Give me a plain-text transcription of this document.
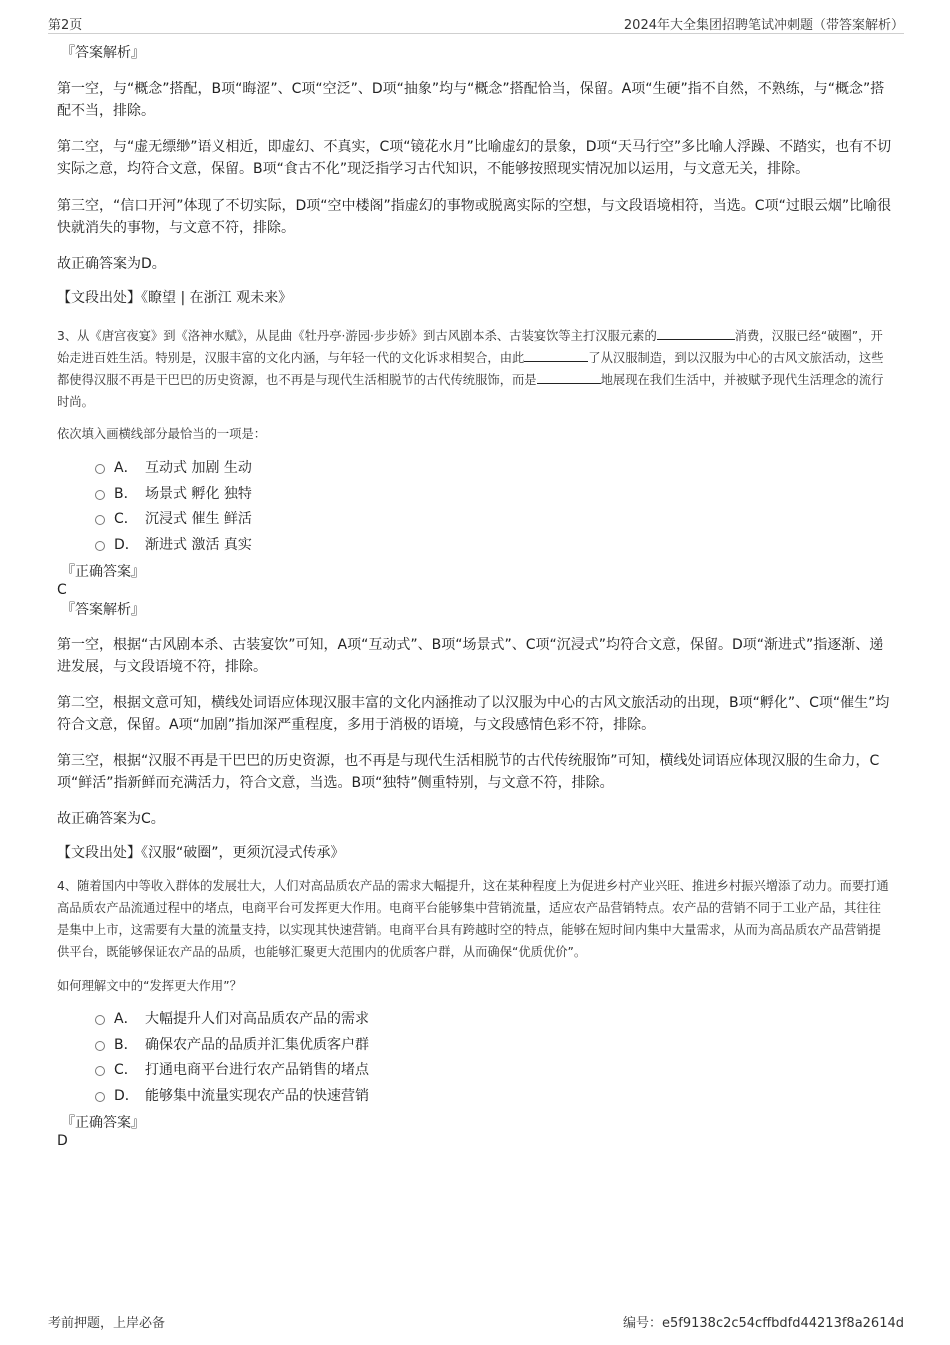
第2页	2024年大全集团招聘笔试冲刺题（带答案解析）
『答案解析』

第一空，与“概念”搭配，B项“晦涩”、C项“空泛”、D项“抽象”均与“概念”搭配恰当，保留。A项“生硬”指不自然，不熟练，与“概念”搭配不当，排除。

第二空，与“虚无缥缈”语义相近，即虚幻、不真实，C项“镜花水月”比喻虚幻的景象，D项“天马行空”多比喻人浮躁、不踏实，也有不切实际之意，均符合文意，保留。B项“食古不化”现泛指学习古代知识，不能够按照现实情况加以运用，与文意无关，排除。

第三空，“信口开河”体现了不切实际，D项“空中楼阁”指虚幻的事物或脱离实际的空想，与文段语境相符，当选。C项“过眼云烟”比喻很快就消失的事物，与文意不符，排除。

故正确答案为D。

【文段出处】《瞭望 | 在浙江 观未来》

3、从《唐宫夜宴》到《洛神水赋》，从昆曲《牡丹亭·游园·步步娇》到古风剧本杀、古装宴饮等主打汉服元素的	消费，汉服已经“破圈”，开始走进百姓生活。特别是，汉服丰富的文化内涵，与年轻一代的文化诉求相契合，由此	了从汉服制造，到以汉服为中心的古风文旅活动，这些都使得汉服不再是干巴巴的历史资源，也不再是与现代生活相脱节的古代传统服饰，而是	地展现在我们生活中，并被赋予现代生活理念的流行时尚。

依次填入画横线部分最恰当的一项是：

A． 互动式 加剧 生动
B． 场景式 孵化 独特
C． 沉浸式 催生 鲜活
D． 渐进式 激活 真实
『正确答案』
C
『答案解析』

第一空，根据“古风剧本杀、古装宴饮”可知，A项“互动式”、B项“场景式”、C项“沉浸式”均符合文意，保留。D项“渐进式”指逐渐、递进发展，与文段语境不符，排除。

第二空，根据文意可知，横线处词语应体现汉服丰富的文化内涵推动了以汉服为中心的古风文旅活动的出现，B项“孵化”、C项“催生”均符合文意，保留。A项“加剧”指加深严重程度，多用于消极的语境，与文段感情色彩不符，排除。

第三空，根据“汉服不再是干巴巴的历史资源，也不再是与现代生活相脱节的古代传统服饰”可知，横线处词语应体现汉服的生命力，C项“鲜活”指新鲜而充满活力，符合文意，当选。B项“独特”侧重特别，与文意不符，排除。

故正确答案为C。

【文段出处】《汉服“破圈”，更须沉浸式传承》

4、随着国内中等收入群体的发展壮大，人们对高品质农产品的需求大幅提升，这在某种程度上为促进乡村产业兴旺、推进乡村振兴增添了动力。而要打通高品质农产品流通过程中的堵点，电商平台可发挥更大作用。电商平台能够集中营销流量，适应农产品营销特点。农产品的营销不同于工业产品，其往往是集中上市，这需要有大量的流量支持，以实现其快速营销。电商平台具有跨越时空的特点，能够在短时间内集中大量需求，从而为高品质农产品营销提供平台，既能够保证农产品的品质，也能够汇聚更大范围内的优质客户群，从而确保“优质优价”。

如何理解文中的“发挥更大作用”？

A． 大幅提升人们对高品质农产品的需求
B． 确保农产品的品质并汇集优质客户群
C． 打通电商平台进行农产品销售的堵点
D． 能够集中流量实现农产品的快速营销
『正确答案』
D
考前押题，上岸必备	编号：e5f9138c2c54cffbdfd44213f8a2614d
